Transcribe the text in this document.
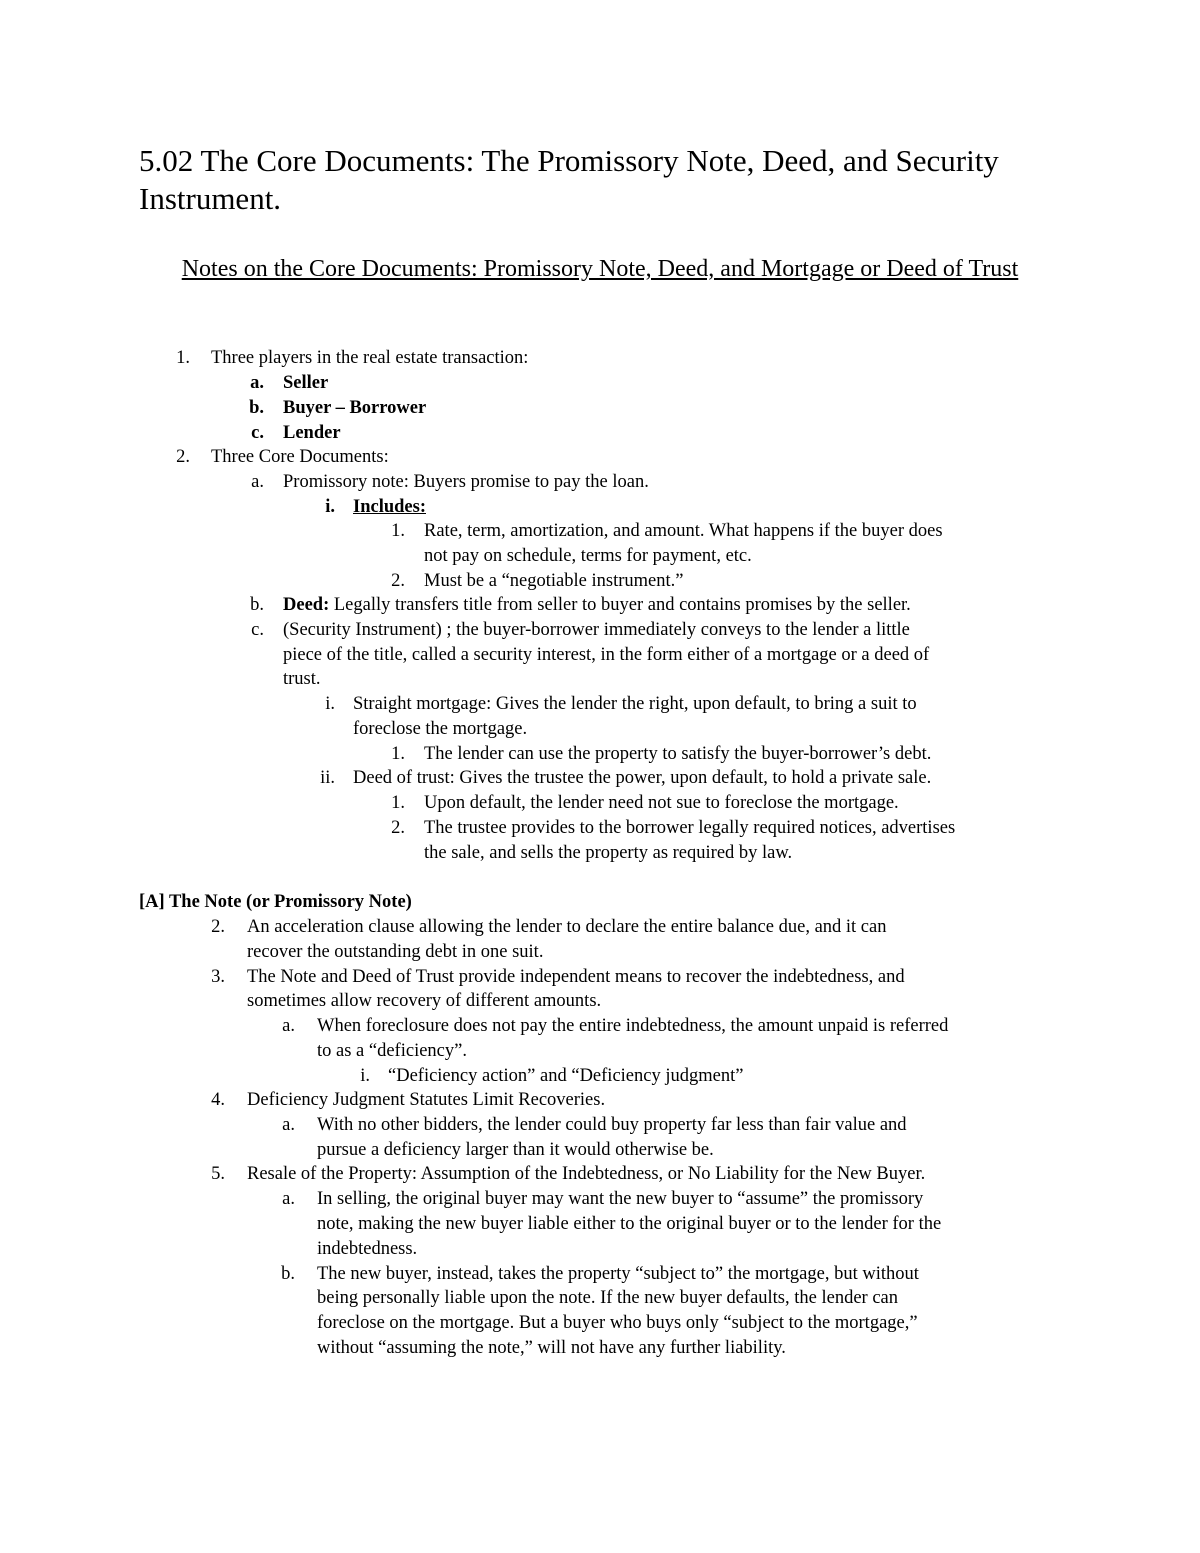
5.02 The Core Documents: The Promissory Note, Deed, and Security Instrument.
Notes on the Core Documents: Promissory Note, Deed, and Mortgage or Deed of Trust
1. Three players in the real estate transaction:
a. Seller
b. Buyer – Borrower
c. Lender
2. Three Core Documents:
a. Promissory note: Buyers promise to pay the loan.
i. Includes:
1. Rate, term, amortization, and amount. What happens if the buyer does
not pay on schedule, terms for payment, etc.
2. Must be a “negotiable instrument.”
b. Deed: Legally transfers title from seller to buyer and contains promises by the seller.
c. (Security Instrument) ; the buyer-borrower immediately conveys to the lender a little
piece of the title, called a security interest, in the form either of a mortgage or a deed of
trust.
i. Straight mortgage: Gives the lender the right, upon default, to bring a suit to
foreclose the mortgage.
1. The lender can use the property to satisfy the buyer-borrower’s debt.
ii. Deed of trust: Gives the trustee the power, upon default, to hold a private sale.
1. Upon default, the lender need not sue to foreclose the mortgage.
2. The trustee provides to the borrower legally required notices, advertises
the sale, and sells the property as required by law.
[A] The Note (or Promissory Note)
2. An acceleration clause allowing the lender to declare the entire balance due, and it can
recover the outstanding debt in one suit.
3. The Note and Deed of Trust provide independent means to recover the indebtedness, and
sometimes allow recovery of different amounts.
a. When foreclosure does not pay the entire indebtedness, the amount unpaid is referred
to as a “deficiency”.
i. “Deficiency action” and “Deficiency judgment”
4. Deficiency Judgment Statutes Limit Recoveries.
a. With no other bidders, the lender could buy property far less than fair value and
pursue a deficiency larger than it would otherwise be.
5. Resale of the Property: Assumption of the Indebtedness, or No Liability for the New Buyer.
a. In selling, the original buyer may want the new buyer to “assume” the promissory
note, making the new buyer liable either to the original buyer or to the lender for the
indebtedness.
b. The new buyer, instead, takes the property “subject to” the mortgage, but without
being personally liable upon the note. If the new buyer defaults, the lender can
foreclose on the mortgage. But a buyer who buys only “subject to the mortgage,”
without “assuming the note,” will not have any further liability.
